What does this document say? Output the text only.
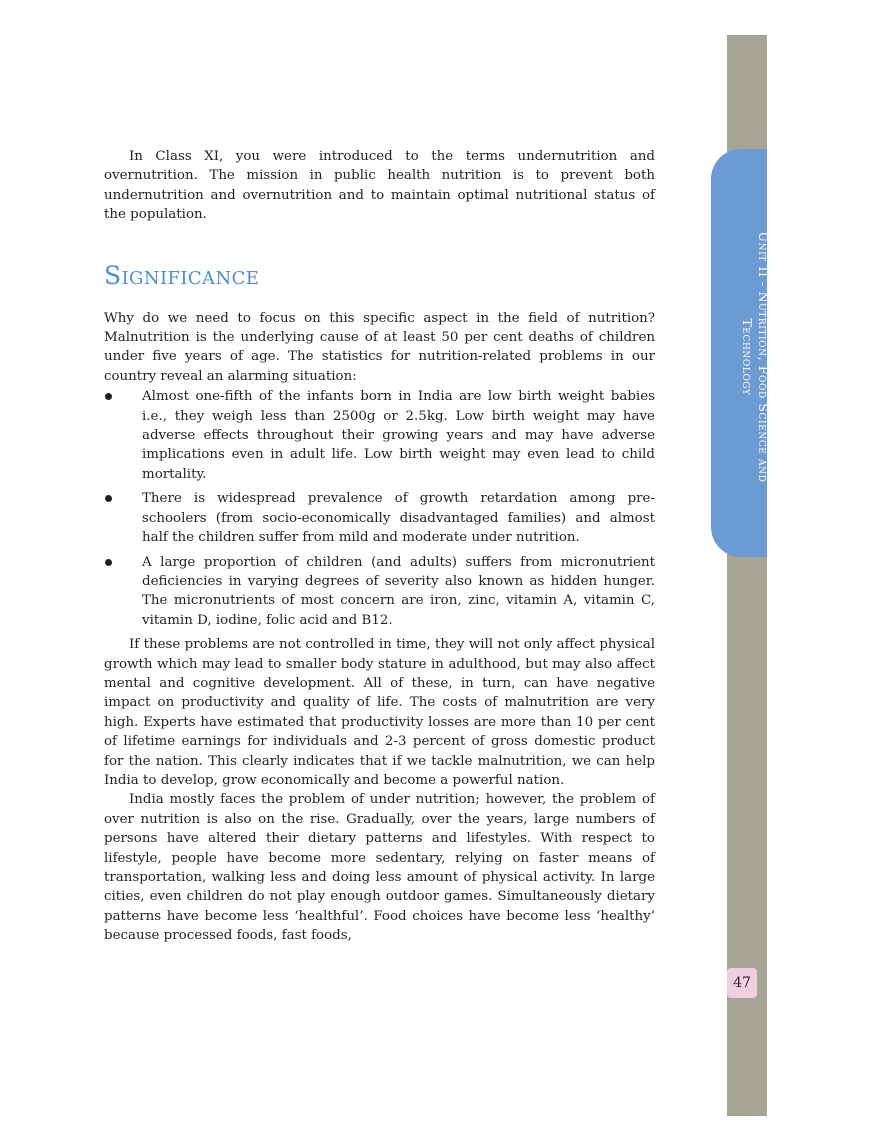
Unit II - Nutrition, Food Science and Technology
47

In Class XI, you were introduced to the terms undernutrition and overnutrition. The mission in public health nutrition is to prevent both undernutrition and overnutrition and to maintain optimal nutritional status of the population.

Significance

Why do we need to focus on this specific aspect in the field of nutrition? Malnutrition is the underlying cause of at least 50 per cent deaths of children under five years of age. The statistics for nutrition-related problems in our country reveal an alarming situation:

Almost one-fifth of the infants born in India are low birth weight babies i.e., they weigh less than 2500g or 2.5kg. Low birth weight may have adverse effects throughout their growing years and may have adverse implications even in adult life. Low birth weight may even lead to child mortality.
There is widespread prevalence of growth retardation among pre-schoolers (from socio-economically disadvantaged families) and almost half the children suffer from mild and moderate under nutrition.
A large proportion of children (and adults) suffers from micronutrient deficiencies in varying degrees of severity also known as hidden hunger. The micronutrients of most concern are iron, zinc, vitamin A, vitamin C, vitamin D, iodine, folic acid and B12.

If these problems are not controlled in time, they will not only affect physical growth which may lead to smaller body stature in adulthood, but may also affect mental and cognitive development. All of these, in turn, can have negative impact on productivity and quality of life. The costs of malnutrition are very high. Experts have estimated that productivity losses are more than 10 per cent of lifetime earnings for individuals and 2-3 percent of gross domestic product for the nation. This clearly indicates that if we tackle malnutrition, we can help India to develop, grow economically and become a powerful nation.

India mostly faces the problem of under nutrition; however, the problem of over nutrition is also on the rise. Gradually, over the years, large numbers of persons have altered their dietary patterns and lifestyles. With respect to lifestyle, people have become more sedentary, relying on faster means of transportation, walking less and doing less amount of physical activity. In large cities, even children do not play enough outdoor games. Simultaneously dietary patterns have become less ‘healthful’. Food choices have become less ‘healthy’ because processed foods, fast foods,
